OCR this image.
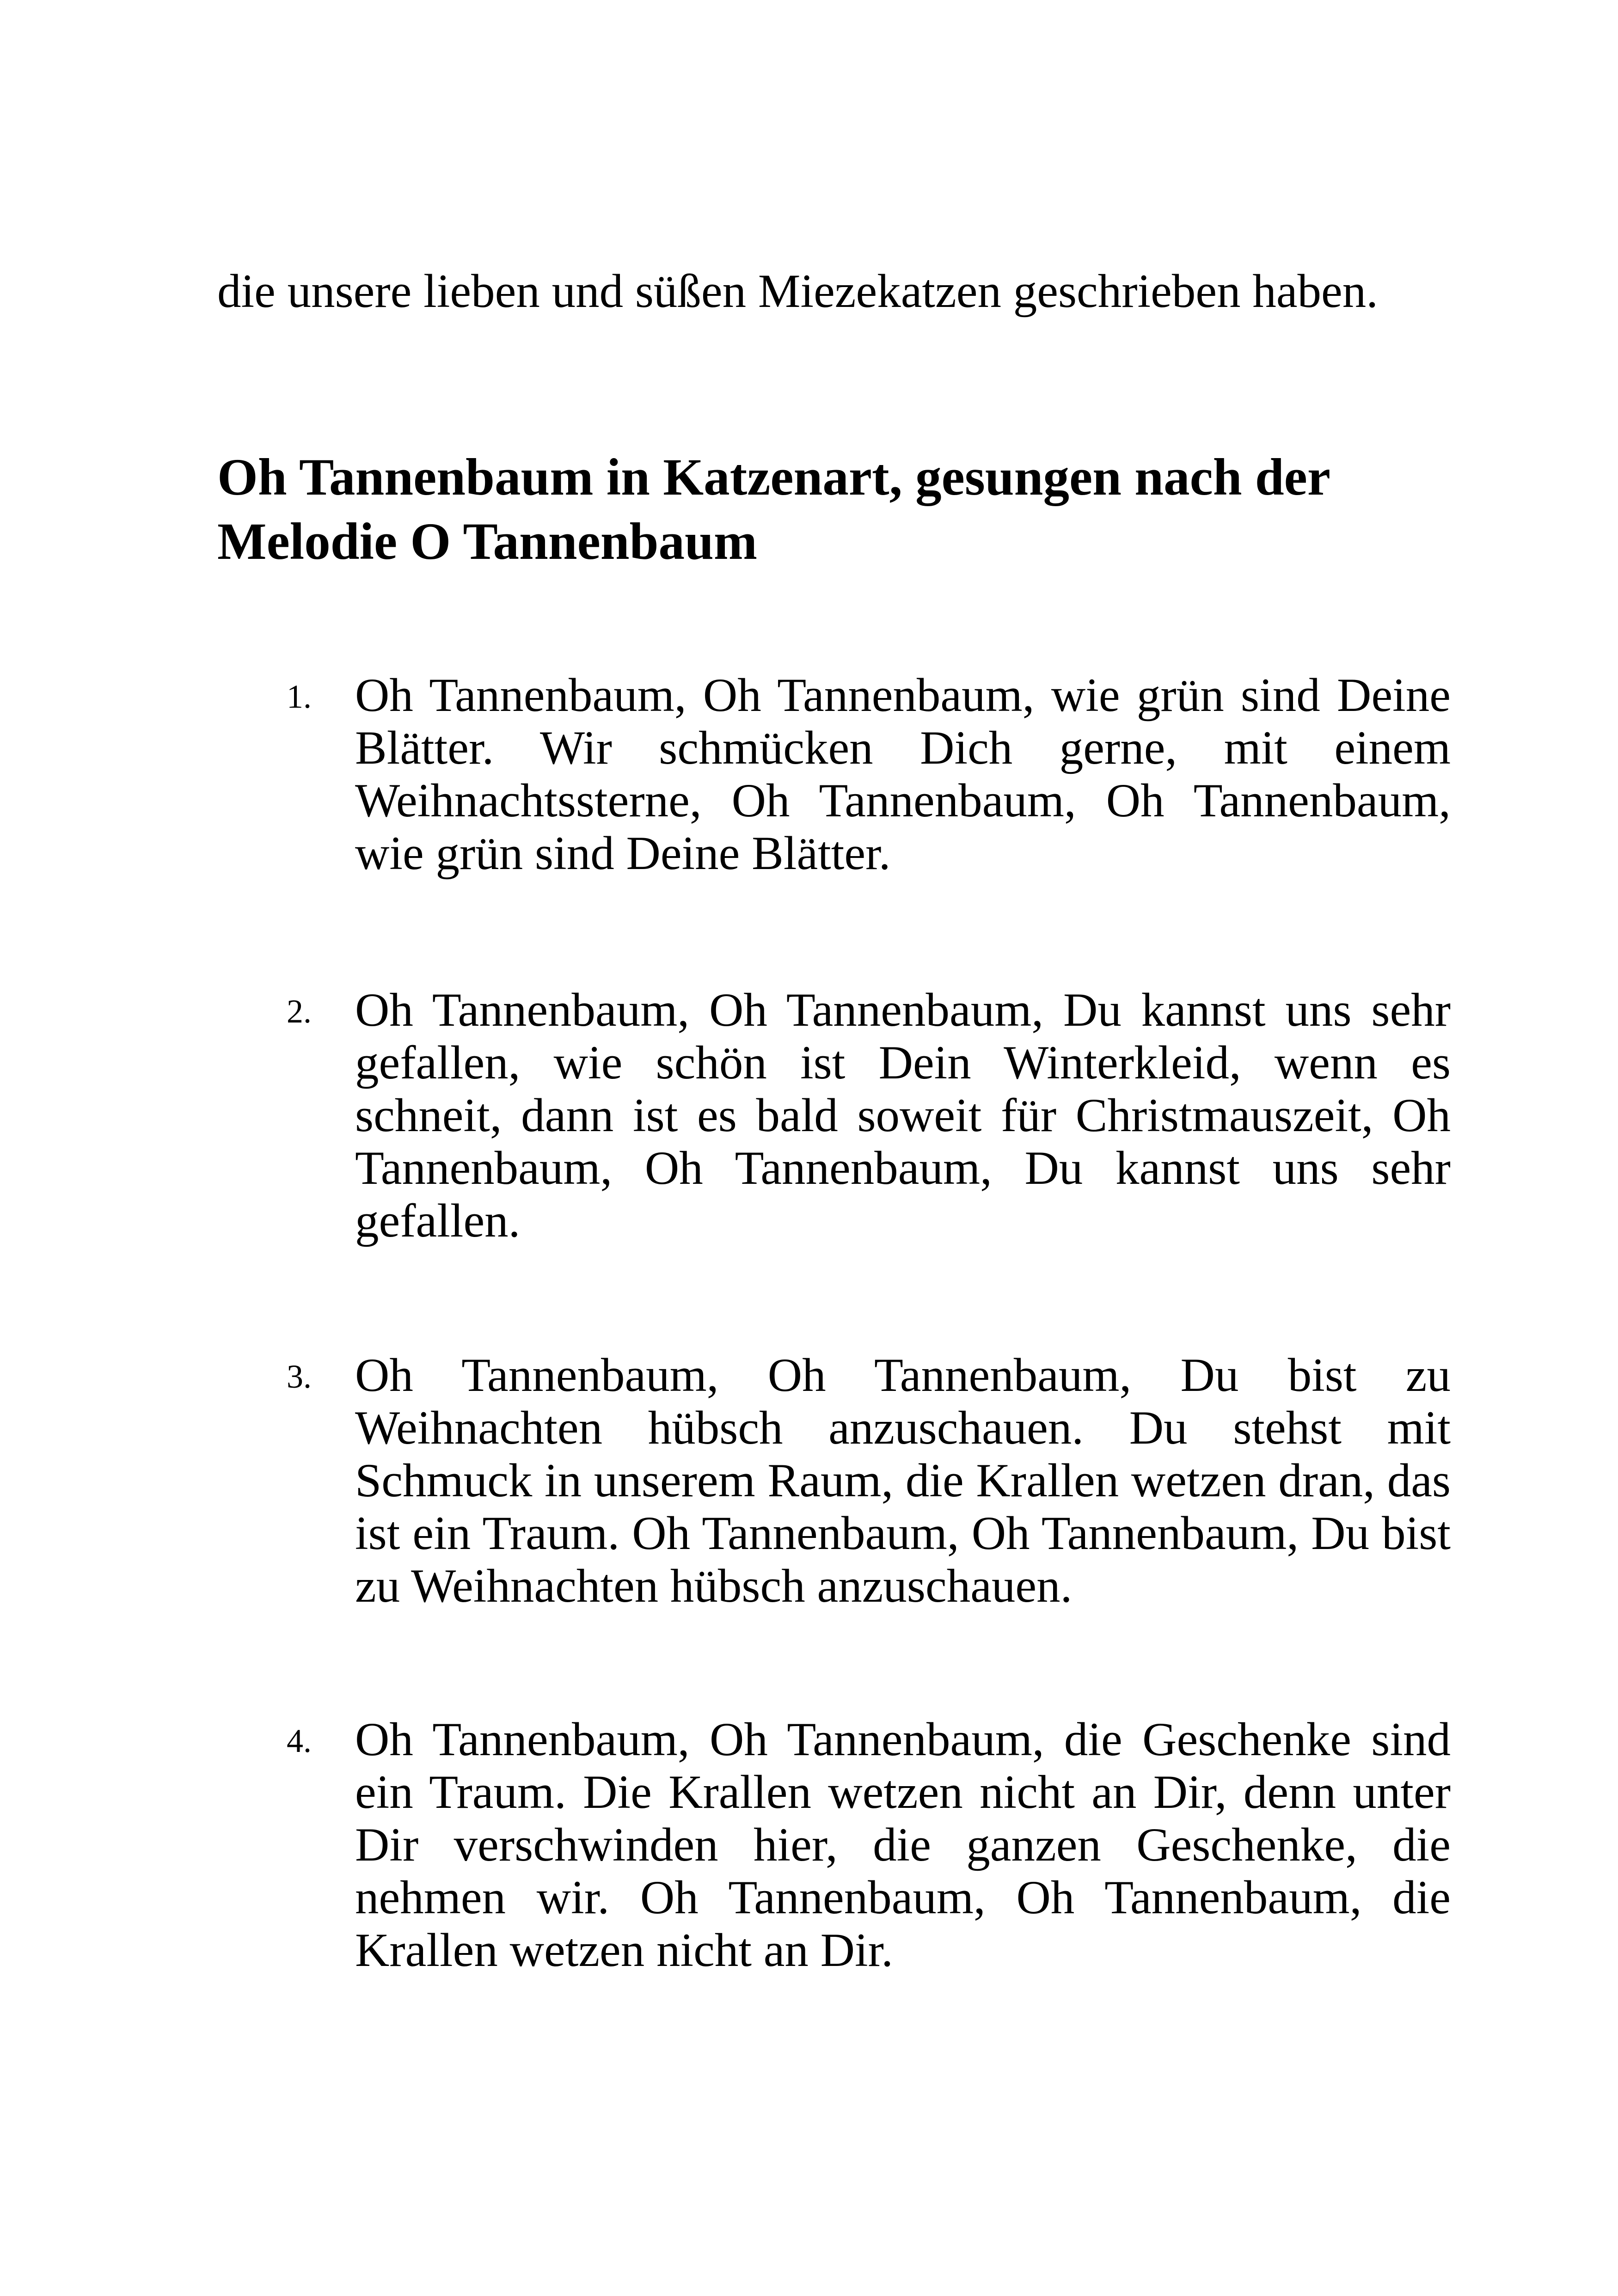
die unsere lieben und süßen Miezekatzen geschrieben haben.

Oh Tannenbaum in Katzenart, gesungen nach der Melodie O Tannenbaum
1. Oh Tannenbaum, Oh Tannenbaum, wie grün sind Deine Blätter. Wir schmücken Dich gerne, mit einem Weihnachtssterne, Oh Tannenbaum, Oh Tannenbaum, wie grün sind Deine Blätter.
2. Oh Tannenbaum, Oh Tannenbaum, Du kannst uns sehr gefallen, wie schön ist Dein Winterkleid, wenn es schneit, dann ist es bald soweit für Christmauszeit, Oh Tannenbaum, Oh Tannenbaum, Du kannst uns sehr gefallen.
3. Oh Tannenbaum, Oh Tannenbaum, Du bist zu Weihnachten hübsch anzuschauen. Du stehst mit Schmuck in unserem Raum, die Krallen wetzen dran, das ist ein Traum. Oh Tannenbaum, Oh Tannenbaum, Du bist zu Weihnachten hübsch anzuschauen.
4. Oh Tannenbaum, Oh Tannenbaum, die Geschenke sind ein Traum. Die Krallen wetzen nicht an Dir, denn unter Dir verschwinden hier, die ganzen Geschenke, die nehmen wir. Oh Tannenbaum, Oh Tannenbaum, die Krallen wetzen nicht an Dir.
